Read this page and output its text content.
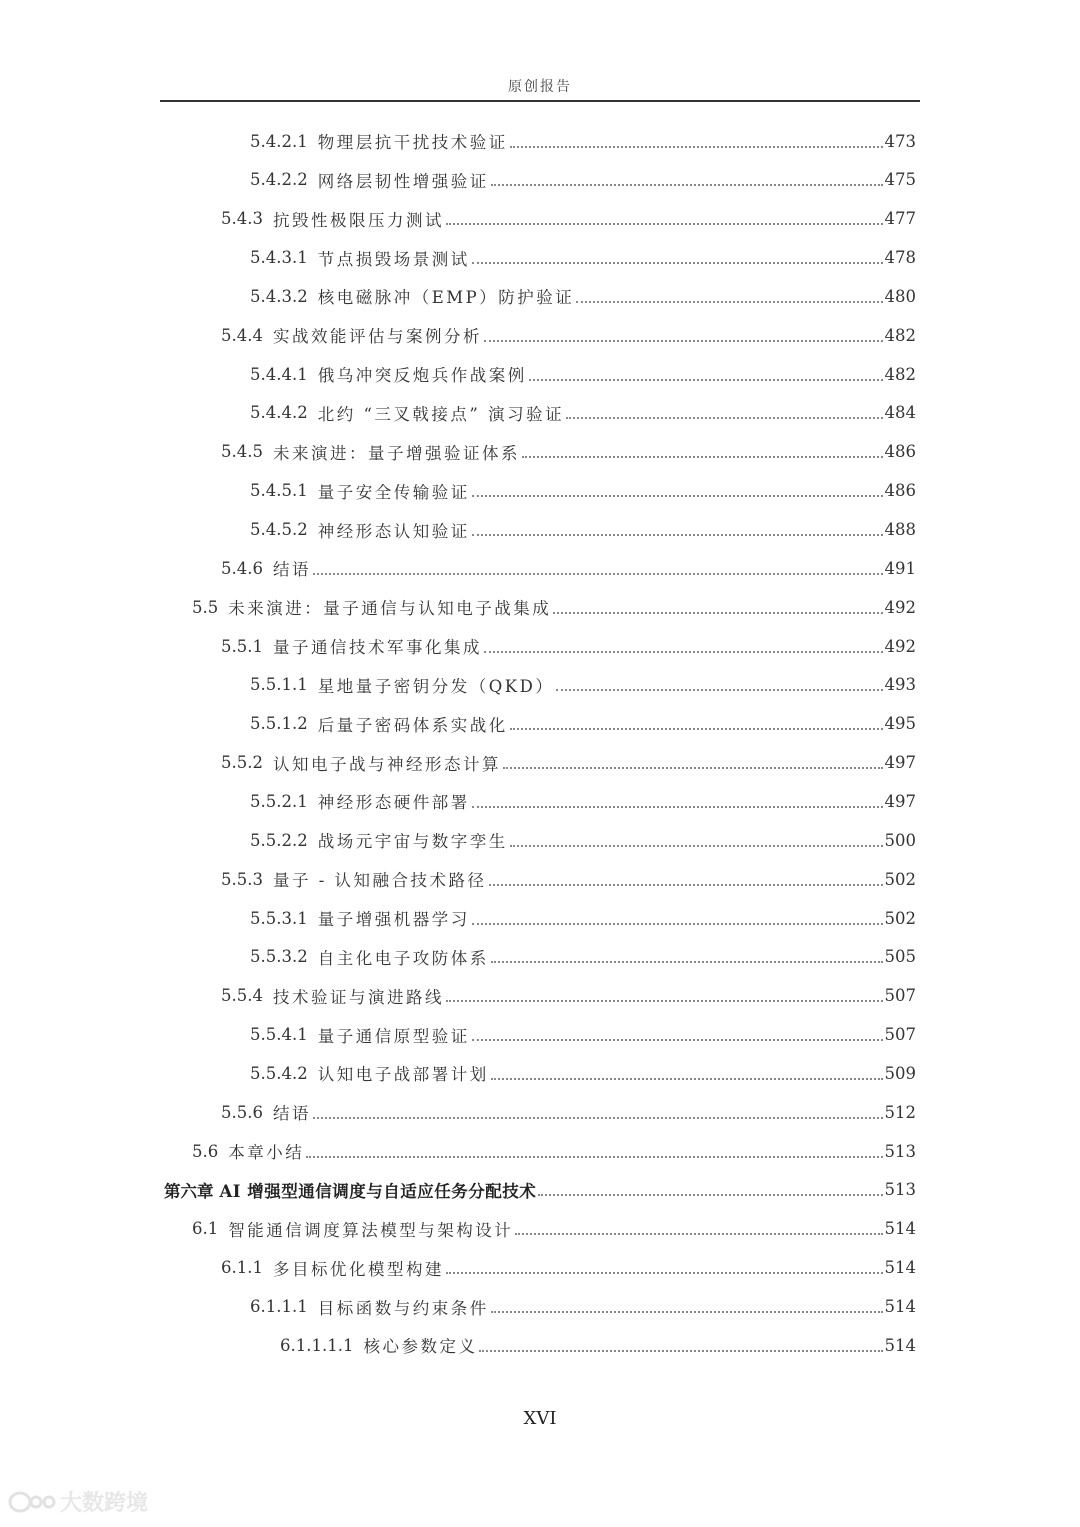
原创报告
5.4.2.1 物理层抗干扰技术验证	473
5.4.2.2 网络层韧性增强验证	475
5.4.3 抗毁性极限压力测试	477
5.4.3.1 节点损毁场景测试	478
5.4.3.2 核电磁脉冲（EMP）防护验证	480
5.4.4 实战效能评估与案例分析	482
5.4.4.1 俄乌冲突反炮兵作战案例	482
5.4.4.2 北约 “三叉戟接点” 演习验证	484
5.4.5 未来演进：量子增强验证体系	486
5.4.5.1 量子安全传输验证	486
5.4.5.2 神经形态认知验证	488
5.4.6 结语	491
5.5 未来演进：量子通信与认知电子战集成	492
5.5.1 量子通信技术军事化集成	492
5.5.1.1 星地量子密钥分发（QKD）	493
5.5.1.2 后量子密码体系实战化	495
5.5.2 认知电子战与神经形态计算	497
5.5.2.1 神经形态硬件部署	497
5.5.2.2 战场元宇宙与数字孪生	500
5.5.3 量子 - 认知融合技术路径	502
5.5.3.1 量子增强机器学习	502
5.5.3.2 自主化电子攻防体系	505
5.5.4 技术验证与演进路线	507
5.5.4.1 量子通信原型验证	507
5.5.4.2 认知电子战部署计划	509
5.5.6 结语	512
5.6 本章小结	513
第六章 AI 增强型通信调度与自适应任务分配技术	513
6.1 智能通信调度算法模型与架构设计	514
6.1.1 多目标优化模型构建	514
6.1.1.1 目标函数与约束条件	514
6.1.1.1.1 核心参数定义	514
XVI
大数跨境
